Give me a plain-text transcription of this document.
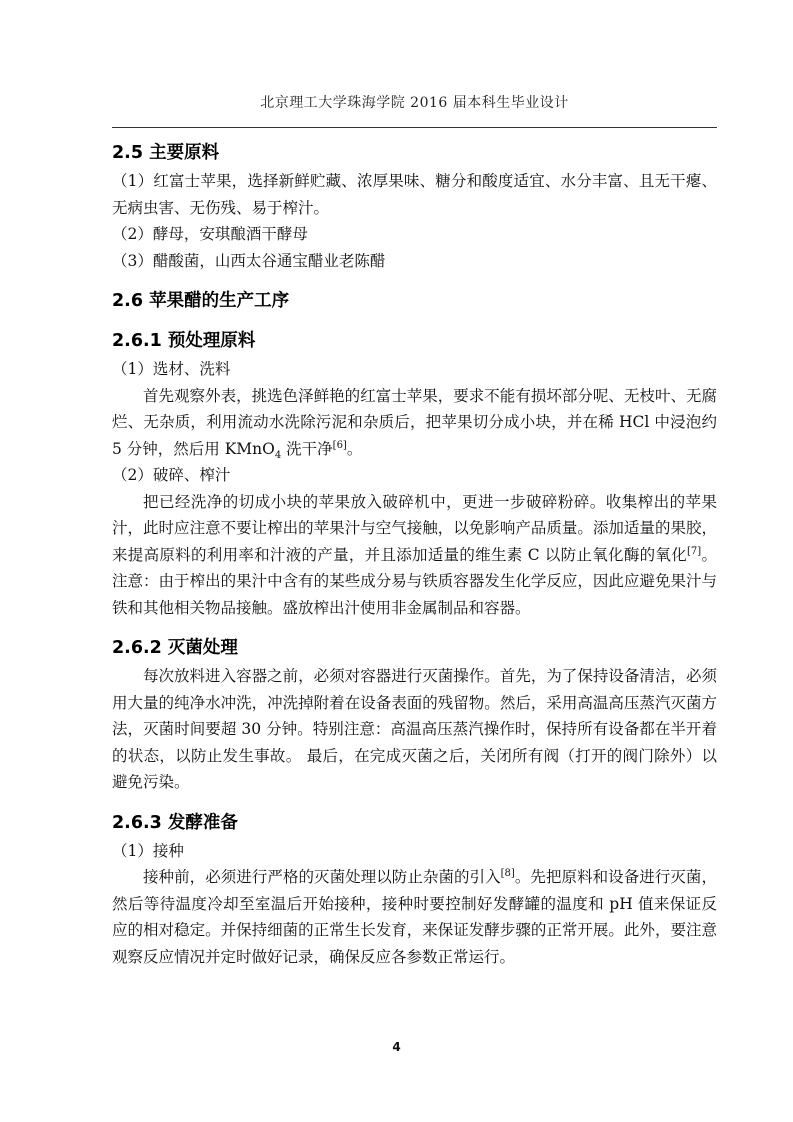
北京理工大学珠海学院 2016 届本科生毕业设计
2.5 主要原料

（1）红富士苹果，选择新鲜贮藏、浓厚果味、糖分和酸度适宜、水分丰富、且无干瘪、无病虫害、无伤残、易于榨汁。

（2）酵母，安琪酿酒干酵母

（3）醋酸菌，山西太谷通宝醋业老陈醋

2.6 苹果醋的生产工序
2.6.1 预处理原料

（1）选材、洗料

首先观察外表，挑选色泽鲜艳的红富士苹果，要求不能有损坏部分呢、无枝叶、无腐烂、无杂质，利用流动水洗除污泥和杂质后，把苹果切分成小块，并在稀 HCl 中浸泡约 5 分钟，然后用 KMnO$_4$ 洗干净[6]。

（2）破碎、榨汁

把已经洗净的切成小块的苹果放入破碎机中，更进一步破碎粉碎。收集榨出的苹果汁，此时应注意不要让榨出的苹果汁与空气接触，以免影响产品质量。添加适量的果胶，来提高原料的利用率和汁液的产量，并且添加适量的维生素 C 以防止氧化酶的氧化[7]。注意：由于榨出的果汁中含有的某些成分易与铁质容器发生化学反应，因此应避免果汁与铁和其他相关物品接触。盛放榨出汁使用非金属制品和容器。

2.6.2 灭菌处理

每次放料进入容器之前，必须对容器进行灭菌操作。首先，为了保持设备清洁，必须用大量的纯净水冲洗，冲洗掉附着在设备表面的残留物。然后，采用高温高压蒸汽灭菌方法，灭菌时间要超 30 分钟。特别注意：高温高压蒸汽操作时，保持所有设备都在半开着的状态，以防止发生事故。 最后，在完成灭菌之后，关闭所有阀（打开的阀门除外）以避免污染。

2.6.3 发酵准备

（1）接种

接种前，必须进行严格的灭菌处理以防止杂菌的引入[8]。先把原料和设备进行灭菌，然后等待温度冷却至室温后开始接种，接种时要控制好发酵罐的温度和 pH 值来保证反应的相对稳定。并保持细菌的正常生长发育，来保证发酵步骤的正常开展。此外，要注意观察反应情况并定时做好记录，确保反应各参数正常运行。

4
